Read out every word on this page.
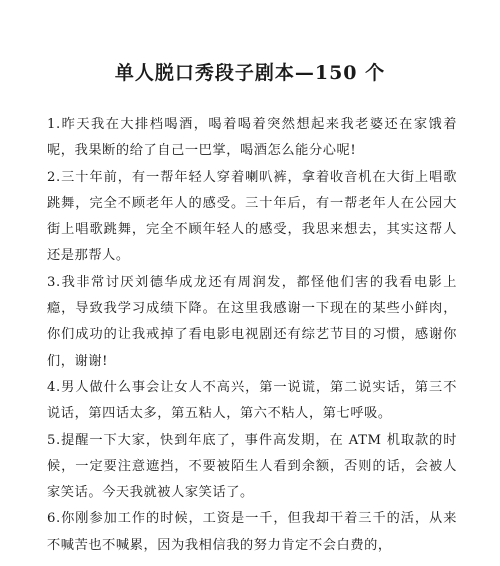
单人脱口秀段子剧本—150 个

1.昨天我在大排档喝酒，喝着喝着突然想起来我老婆还在家饿着呢，我果断的给了自己一巴掌，喝酒怎么能分心呢!

2.三十年前，有一帮年轻人穿着喇叭裤，拿着收音机在大街上唱歌跳舞，完全不顾老年人的感受。三十年后，有一帮老年人在公园大街上唱歌跳舞，完全不顾年轻人的感受，我思来想去，其实这帮人还是那帮人。

3.我非常讨厌刘德华成龙还有周润发，都怪他们害的我看电影上瘾，导致我学习成绩下降。在这里我感谢一下现在的某些小鲜肉，你们成功的让我戒掉了看电影电视剧还有综艺节目的习惯，感谢你们，谢谢!

4.男人做什么事会让女人不高兴，第一说谎，第二说实话，第三不说话，第四话太多，第五粘人，第六不粘人，第七呼吸。

5.提醒一下大家，快到年底了，事件高发期，在 ATM 机取款的时候，一定要注意遮挡，不要被陌生人看到余额，否则的话，会被人家笑话。今天我就被人家笑话了。

6.你刚参加工作的时候，工资是一千，但我却干着三千的活，从来不喊苦也不喊累，因为我相信我的努力肯定不会白费的，
